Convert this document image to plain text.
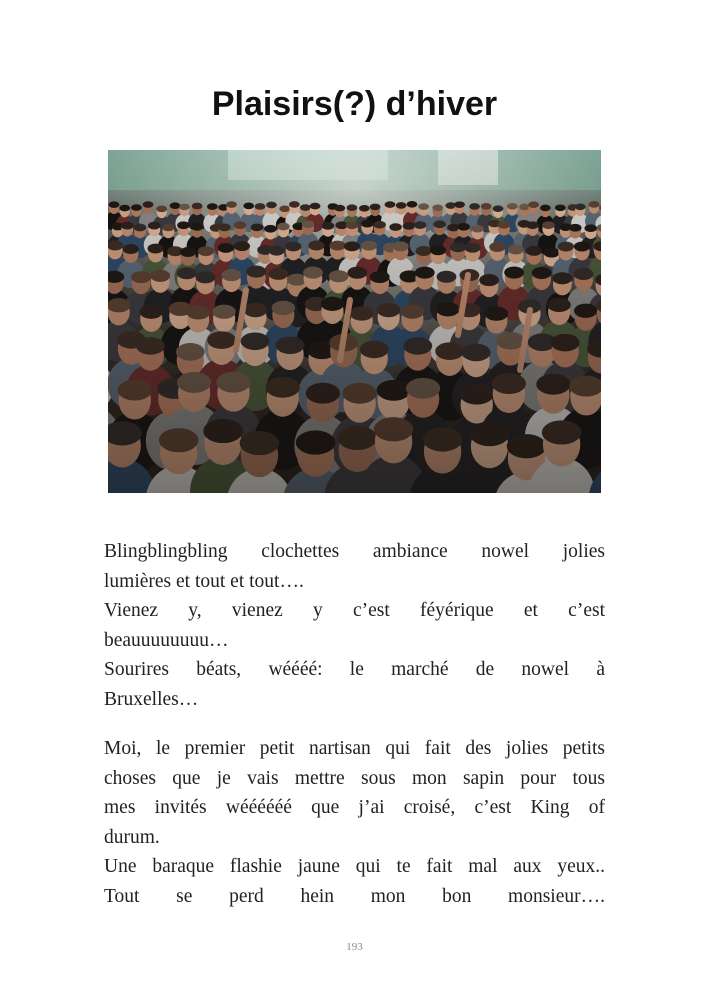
Plaisirs(?) d’hiver
Blingblingbling clochettes ambiance nowel jolies
lumières et tout et tout….
Vienez y, vienez y c’est féyérique et c’est
beauuuuuuuu…
Sourires béats, wéééé: le marché de nowel à
Bruxelles…
Moi, le premier petit nartisan qui fait des jolies petits
choses que je vais mettre sous mon sapin pour tous
mes invités wéééééé que j’ai croisé, c’est King of
durum.
Une baraque flashie jaune qui te fait mal aux yeux..
Tout se perd hein mon bon monsieur….
193
